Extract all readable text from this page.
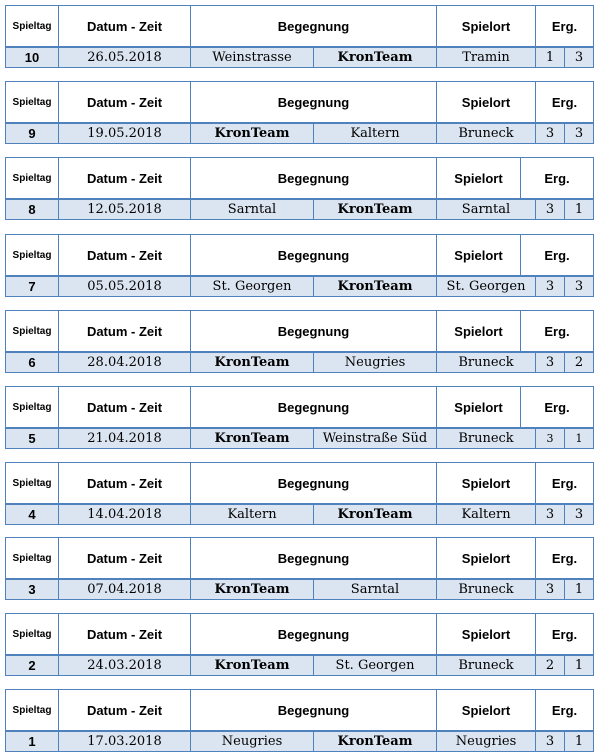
Spieltag	Datum - Zeit	Begegnung	Spielort	Erg.
10	26.05.2018	Weinstrasse	KronTeam	Tramin	1	3
Spieltag	Datum - Zeit	Begegnung	Spielort	Erg.
9	19.05.2018	KronTeam	Kaltern	Bruneck	3	3
Spieltag	Datum - Zeit	Begegnung	Spielort	Erg.
8	12.05.2018	Sarntal	KronTeam	Sarntal	3	1
Spieltag	Datum - Zeit	Begegnung	Spielort	Erg.
7	05.05.2018	St. Georgen	KronTeam	St. Georgen	3	3
Spieltag	Datum - Zeit	Begegnung	Spielort	Erg.
6	28.04.2018	KronTeam	Neugries	Bruneck	3	2
Spieltag	Datum - Zeit	Begegnung	Spielort	Erg.
5	21.04.2018	KronTeam	Weinstraße Süd	Bruneck	3	1
Spieltag	Datum - Zeit	Begegnung	Spielort	Erg.
4	14.04.2018	Kaltern	KronTeam	Kaltern	3	3
Spieltag	Datum - Zeit	Begegnung	Spielort	Erg.
3	07.04.2018	KronTeam	Sarntal	Bruneck	3	1
Spieltag	Datum - Zeit	Begegnung	Spielort	Erg.
2	24.03.2018	KronTeam	St. Georgen	Bruneck	2	1
Spieltag	Datum - Zeit	Begegnung	Spielort	Erg.
1	17.03.2018	Neugries	KronTeam	Neugries	3	1
